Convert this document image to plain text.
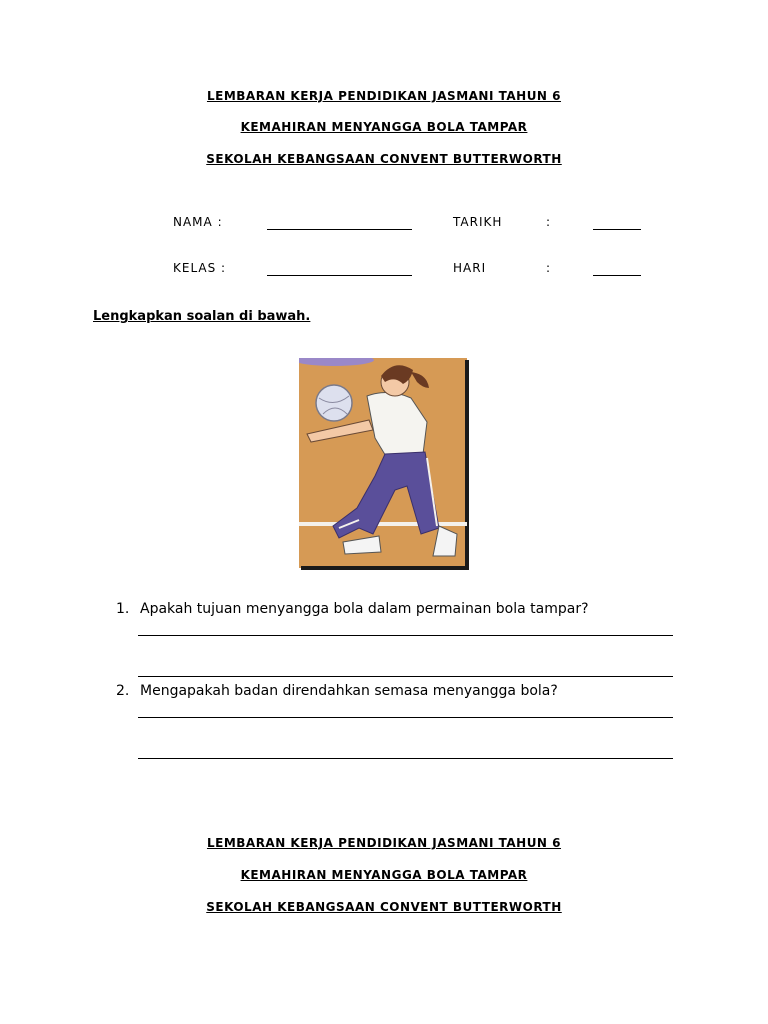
LEMBARAN KERJA PENDIDIKAN JASMANI TAHUN 6
KEMAHIRAN MENYANGGA BOLA TAMPAR
SEKOLAH KEBANGSAAN CONVENT BUTTERWORTH
NAMA :	TARIKH	:
KELAS :	HARI	:
Lengkapkan soalan di bawah.
1. Apakah tujuan menyangga bola dalam permainan bola tampar?
2. Mengapakah badan direndahkan semasa menyangga bola?
LEMBARAN KERJA PENDIDIKAN JASMANI TAHUN 6
KEMAHIRAN MENYANGGA BOLA TAMPAR
SEKOLAH KEBANGSAAN CONVENT BUTTERWORTH
